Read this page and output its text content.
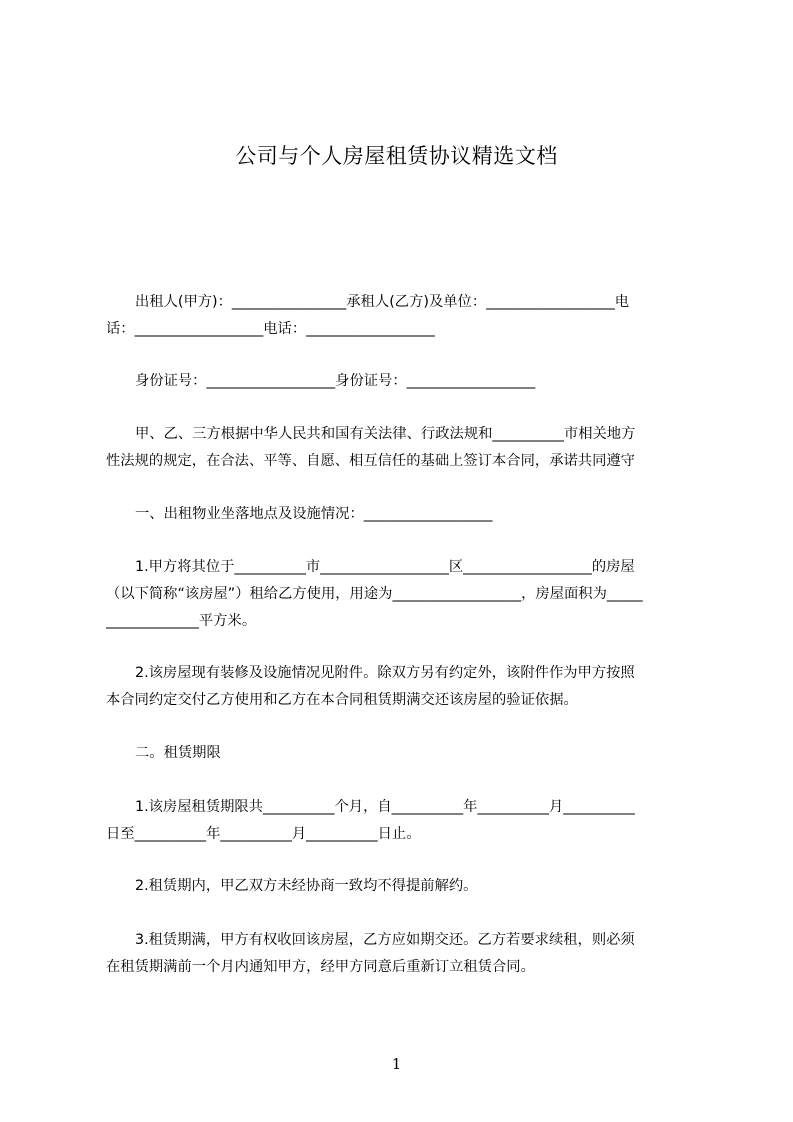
公司与个人房屋租赁协议精选文档
出租人(甲方)：________________承租人(乙方)及单位：__________________电
话：__________________电话：__________________
身份证号：__________________身份证号：__________________
甲、乙、三方根据中华人民共和国有关法律、行政法规和__________市相关地方
性法规的规定，在合法、平等、自愿、相互信任的基础上签订本合同，承诺共同遵守
一、出租物业坐落地点及设施情况：__________________
1.甲方将其位于__________市__________________区__________________的房屋
（以下简称“该房屋”）租给乙方使用，用途为__________________，房屋面积为_____
_____________平方米。
2.该房屋现有装修及设施情况见附件。除双方另有约定外，该附件作为甲方按照
本合同约定交付乙方使用和乙方在本合同租赁期满交还该房屋的验证依据。
二。租赁期限
1.该房屋租赁期限共__________个月，自__________年__________月__________
日至__________年__________月__________日止。
2.租赁期内，甲乙双方未经协商一致均不得提前解约。
3.租赁期满，甲方有权收回该房屋，乙方应如期交还。乙方若要求续租，则必须
在租赁期满前一个月内通知甲方，经甲方同意后重新订立租赁合同。
1
